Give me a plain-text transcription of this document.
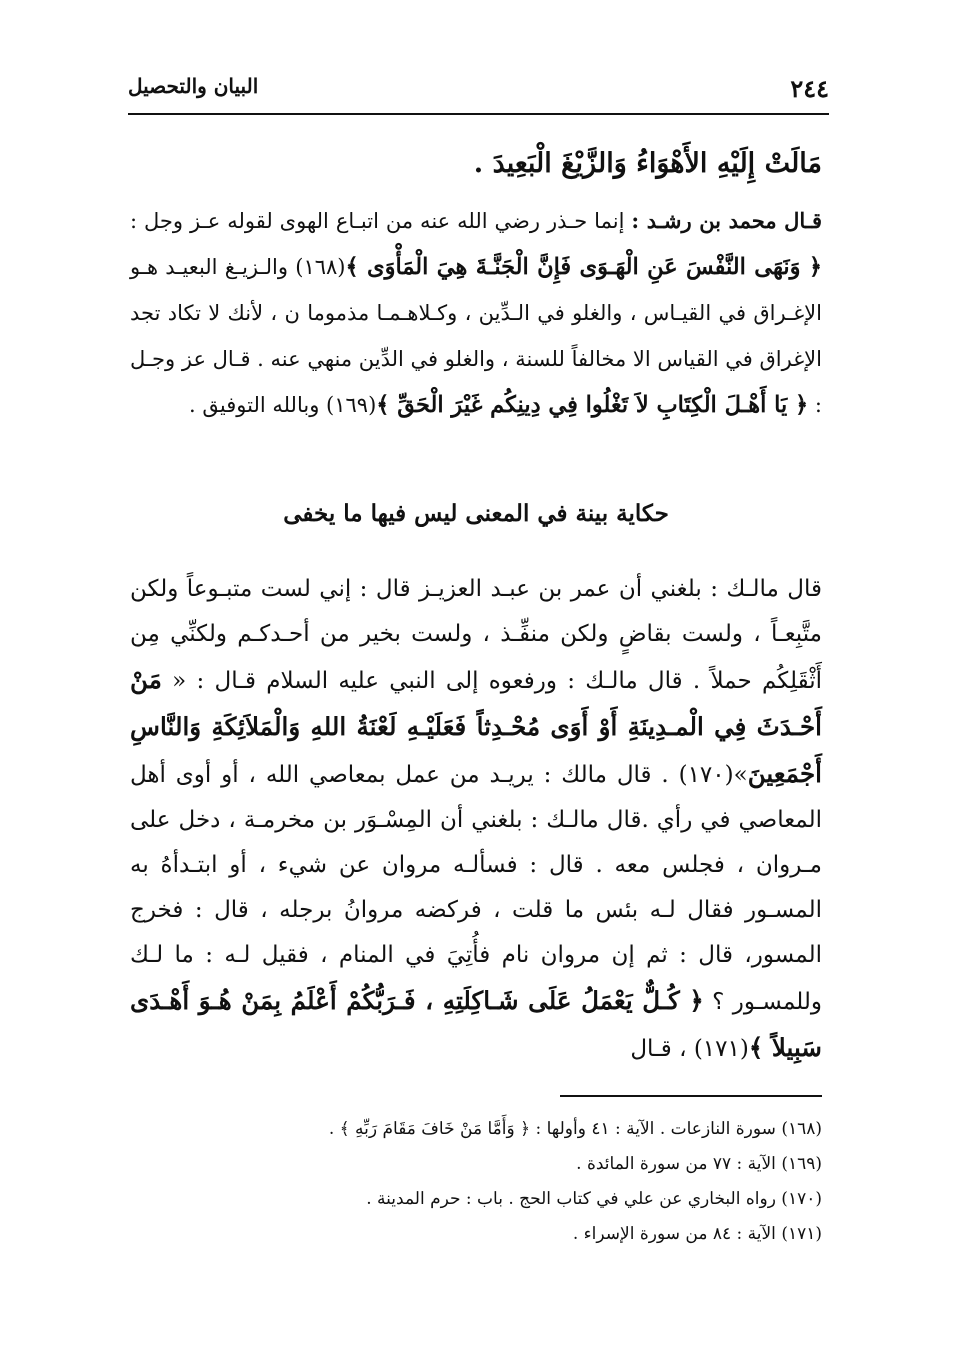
٢٤٤
البيان والتحصيل
مَالَتْ إِلَيْهِ الأَهْوَاءُ وَالزَّيْغَ الْبَعِيدَ .
قـال محمد بن رشـد : إنما حـذر رضي الله عنه من اتبـاع الهوى لقوله عـز وجل : ﴿ وَنَهَى النَّفْسَ عَنِ الْهَـوَى فَإِنَّ الْجَنَّـةَ هِيَ الْمَأْوَى ﴾(١٦٨) والـزيـغ البعيـد هـو الإغـراق في القيـاس ، والغلو في الـدِّين ، وكـلاهـمـا مذموما ن ، لأنك لا تكاد تجد الإغراق في القياس الا مخالفاً للسنة ، والغلو في الدِّين منهي عنه . قـال عز وجـل : ﴿ يَا أَهْـلَ الْكِتَابِ لاَ تَغْلُوا فِي دِينِكُم غَيْرَ الْحَقِّ ﴾(١٦٩) وبالله التوفيق .
حكاية بينة في المعنى ليس فيها ما يخفى
قال مالـك : بلغني أن عمر بن عبـد العزيـز قال : إني لست متبـوعاً ولكن متَّبِعـاً ، ولست بقاضٍ ولكن منفِّـذ ، ولست بخير من أحـدكـم ولكنِّي مِن أَثْقَلِكُم حملاً . قال مالـك : ورفعوه إلى النبي عليه السلام قـال : « مَنْ أَحْـدَثَ فِي الْمـدِينَةِ أَوْ أَوَى مُحْـدِثاً فَعَلَيْـهِ لَعْنَةُ اللهِ وَالْمَلاَئِكَةِ وَالنَّاسِ أَجْمَعِينَ»(١٧٠) . قال مالك : يريـد من عمل بمعاصي الله ، أو أوى أهل المعاصي في رأي .قال مالـك : بلغني أن المِسْـوَر بن مخرمـة ، دخل على مـروان ، فجلس معه . قال : فسألـه مروان عن شيء ، أو ابتـدأهُ به المسـور فقال لـه بئس ما قلت ، فركضه مروانُ برجله ، قال : فخرج المسور، قال : ثم إن مروان نام فأُتِيَ في المنام ، فقيل لـه : ما لـك وللمسـور ؟ ﴿ كُـلٌّ يَعْمَلُ عَلَى شَـاكِلَتِهِ ، فَـرَبُّكُمْ أَعْلَمُ بِمَنْ هُـوَ أَهْـدَى سَبِيلاً ﴾(١٧١) ، قـال
(١٦٨) سورة النازعات . الآية : ٤١ وأولها : ﴿ وَأَمَّا مَنْ خَافَ مَقَامَ رَبِّهِ ﴾ .
(١٦٩) الآية : ٧٧ من سورة المائدة .
(١٧٠) رواه البخاري عن علي في كتاب الحج . باب : حرم المدينة .
(١٧١) الآية : ٨٤ من سورة الإسراء .
